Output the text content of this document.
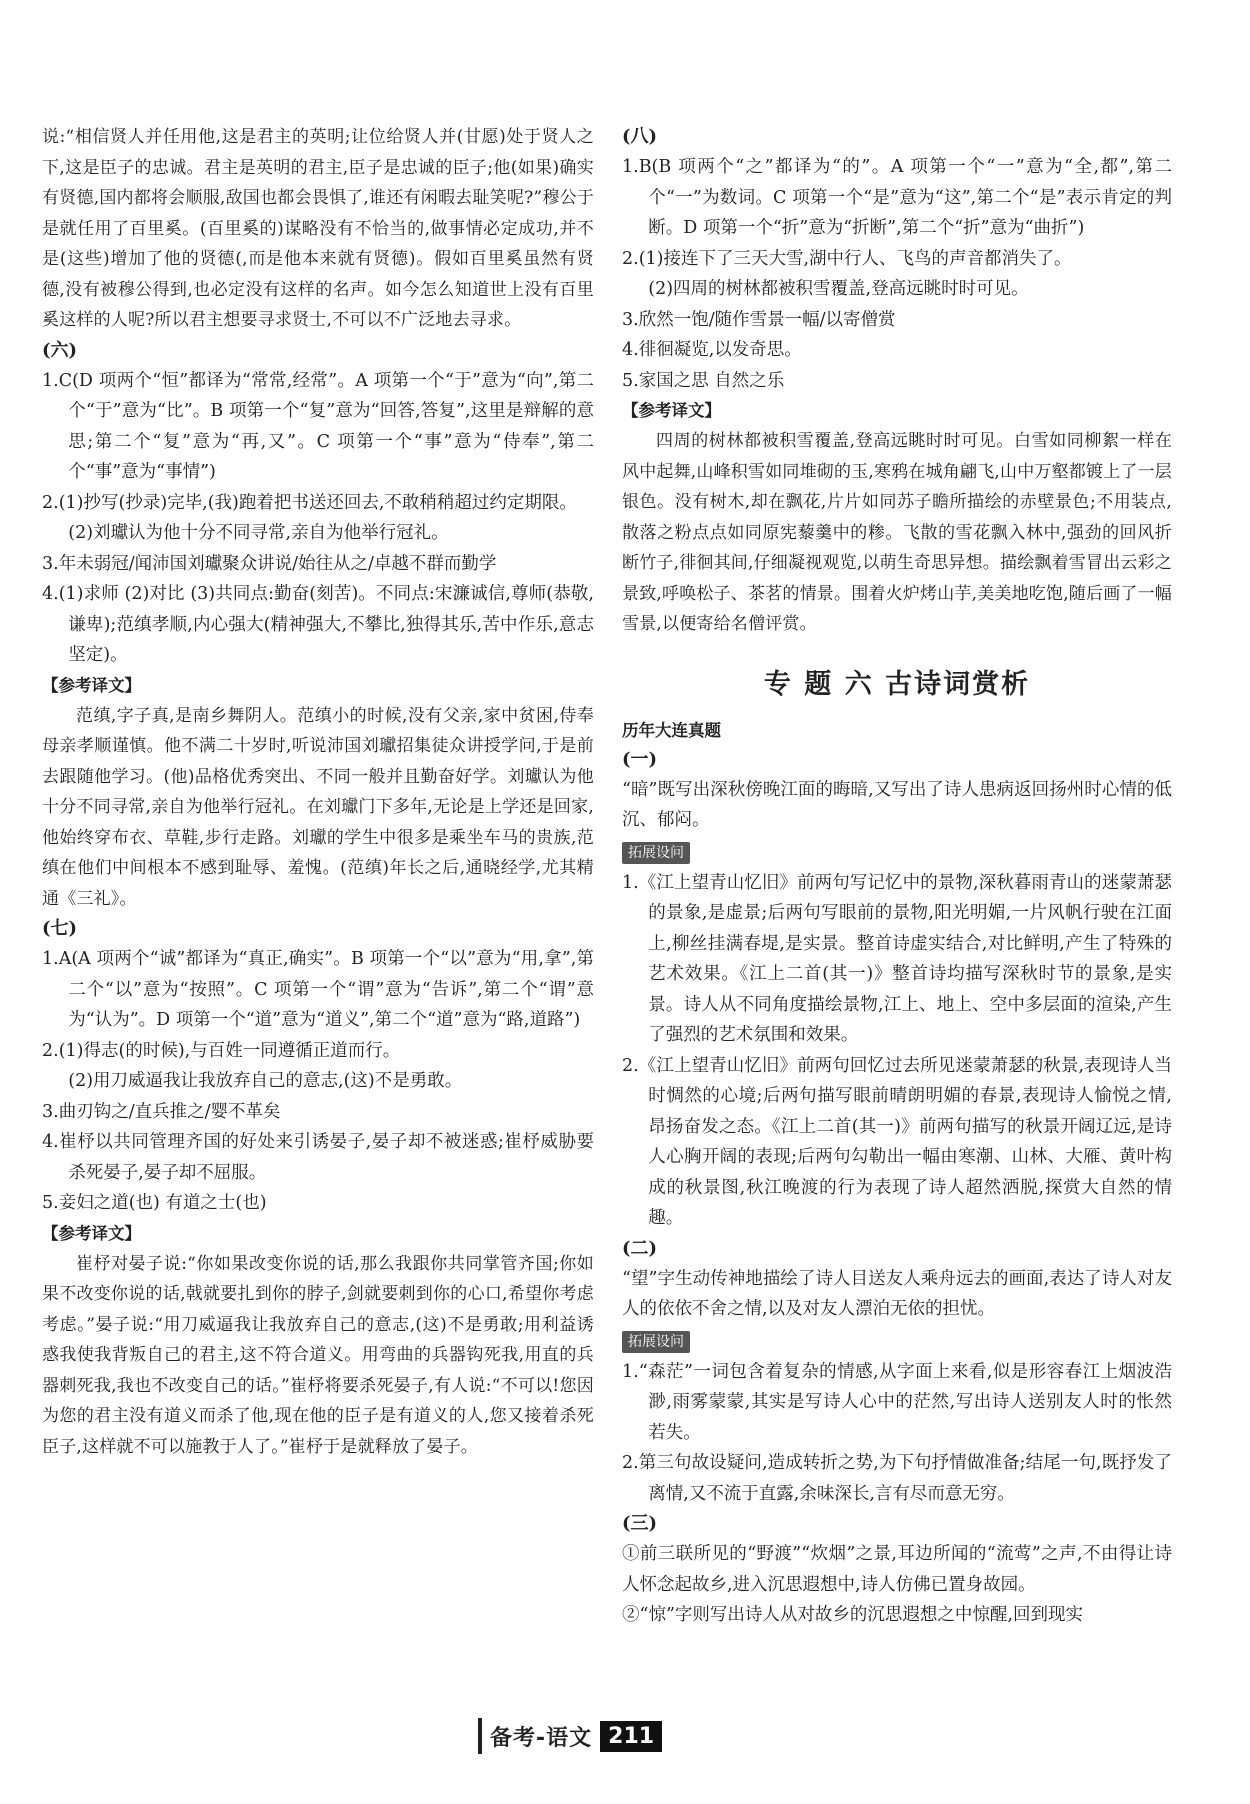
说:“相信贤人并任用他,这是君主的英明;让位给贤人并(甘愿)处于贤人之下,这是臣子的忠诚。君主是英明的君主,臣子是忠诚的臣子;他(如果)确实有贤德,国内都将会顺服,敌国也都会畏惧了,谁还有闲暇去耻笑呢?”穆公于是就任用了百里奚。(百里奚的)谋略没有不恰当的,做事情必定成功,并不是(这些)增加了他的贤德(,而是他本来就有贤德)。假如百里奚虽然有贤德,没有被穆公得到,也必定没有这样的名声。如今怎么知道世上没有百里奚这样的人呢?所以君主想要寻求贤士,不可以不广泛地去寻求。

(六)

1.C(D 项两个“恒”都译为“常常,经常”。A 项第一个“于”意为“向”,第二个“于”意为“比”。B 项第一个“复”意为“回答,答复”,这里是辩解的意思;第二个“复”意为“再,又”。C 项第一个“事”意为“侍奉”,第二个“事”意为“事情”)

2.(1)抄写(抄录)完毕,(我)跑着把书送还回去,不敢稍稍超过约定期限。

(2)刘瓛认为他十分不同寻常,亲自为他举行冠礼。

3.年未弱冠/闻沛国刘瓛聚众讲说/始往从之/卓越不群而勤学

4.(1)求师 (2)对比 (3)共同点:勤奋(刻苦)。不同点:宋濂诚信,尊师(恭敬,谦卑);范缜孝顺,内心强大(精神强大,不攀比,独得其乐,苦中作乐,意志坚定)。

【参考译文】

范缜,字子真,是南乡舞阴人。范缜小的时候,没有父亲,家中贫困,侍奉母亲孝顺谨慎。他不满二十岁时,听说沛国刘瓛招集徒众讲授学问,于是前去跟随他学习。(他)品格优秀突出、不同一般并且勤奋好学。刘瓛认为他十分不同寻常,亲自为他举行冠礼。在刘瓛门下多年,无论是上学还是回家,他始终穿布衣、草鞋,步行走路。刘瓛的学生中很多是乘坐车马的贵族,范缜在他们中间根本不感到耻辱、羞愧。(范缜)年长之后,通晓经学,尤其精通《三礼》。

(七)

1.A(A 项两个“诚”都译为“真正,确实”。B 项第一个“以”意为“用,拿”,第二个“以”意为“按照”。C 项第一个“谓”意为“告诉”,第二个“谓”意为“认为”。D 项第一个“道”意为“道义”,第二个“道”意为“路,道路”)

2.(1)得志(的时候),与百姓一同遵循正道而行。

(2)用刀威逼我让我放弃自己的意志,(这)不是勇敢。

3.曲刃钩之/直兵推之/婴不革矣

4.崔杼以共同管理齐国的好处来引诱晏子,晏子却不被迷惑;崔杼威胁要杀死晏子,晏子却不屈服。

5.妾妇之道(也) 有道之士(也)

【参考译文】

崔杼对晏子说:“你如果改变你说的话,那么我跟你共同掌管齐国;你如果不改变你说的话,戟就要扎到你的脖子,剑就要刺到你的心口,希望你考虑考虑。”晏子说:“用刀威逼我让我放弃自己的意志,(这)不是勇敢;用利益诱惑我使我背叛自己的君主,这不符合道义。用弯曲的兵器钩死我,用直的兵器刺死我,我也不改变自己的话。”崔杼将要杀死晏子,有人说:“不可以!您因为您的君主没有道义而杀了他,现在他的臣子是有道义的人,您又接着杀死臣子,这样就不可以施教于人了。”崔杼于是就释放了晏子。

(八)

1.B(B 项两个“之”都译为“的”。A 项第一个“一”意为“全,都”,第二个“一”为数词。C 项第一个“是”意为“这”,第二个“是”表示肯定的判断。D 项第一个“折”意为“折断”,第二个“折”意为“曲折”)

2.(1)接连下了三天大雪,湖中行人、飞鸟的声音都消失了。

(2)四周的树林都被积雪覆盖,登高远眺时时可见。

3.欣然一饱/随作雪景一幅/以寄僧赏

4.徘徊凝览,以发奇思。

5.家国之思 自然之乐

【参考译文】

四周的树林都被积雪覆盖,登高远眺时时可见。白雪如同柳絮一样在风中起舞,山峰积雪如同堆砌的玉,寒鸦在城角翩飞,山中万壑都镀上了一层银色。没有树木,却在飘花,片片如同苏子瞻所描绘的赤壁景色;不用装点,散落之粉点点如同原宪藜羹中的糁。飞散的雪花飘入林中,强劲的回风折断竹子,徘徊其间,仔细凝视观览,以萌生奇思异想。描绘飘着雪冒出云彩之景致,呼唤松子、茶茗的情景。围着火炉烤山芋,美美地吃饱,随后画了一幅雪景,以便寄给名僧评赏。

专 题 六 古诗词赏析
历年大连真题
(一)

“暗”既写出深秋傍晚江面的晦暗,又写出了诗人患病返回扬州时心情的低沉、郁闷。

拓展设问

1.《江上望青山忆旧》前两句写记忆中的景物,深秋暮雨青山的迷蒙萧瑟的景象,是虚景;后两句写眼前的景物,阳光明媚,一片风帆行驶在江面上,柳丝挂满春堤,是实景。整首诗虚实结合,对比鲜明,产生了特殊的艺术效果。《江上二首(其一)》整首诗均描写深秋时节的景象,是实景。诗人从不同角度描绘景物,江上、地上、空中多层面的渲染,产生了强烈的艺术氛围和效果。

2.《江上望青山忆旧》前两句回忆过去所见迷蒙萧瑟的秋景,表现诗人当时惆然的心境;后两句描写眼前晴朗明媚的春景,表现诗人愉悦之情,昂扬奋发之态。《江上二首(其一)》前两句描写的秋景开阔辽远,是诗人心胸开阔的表现;后两句勾勒出一幅由寒潮、山林、大雁、黄叶构成的秋景图,秋江晚渡的行为表现了诗人超然洒脱,探赏大自然的情趣。

(二)

“望”字生动传神地描绘了诗人目送友人乘舟远去的画面,表达了诗人对友人的依依不舍之情,以及对友人漂泊无依的担忧。

拓展设问

1.“森茫”一词包含着复杂的情感,从字面上来看,似是形容春江上烟波浩渺,雨雾蒙蒙,其实是写诗人心中的茫然,写出诗人送别友人时的怅然若失。

2.第三句故设疑问,造成转折之势,为下句抒情做准备;结尾一句,既抒发了离情,又不流于直露,余味深长,言有尽而意无穷。

(三)

①前三联所见的“野渡”“炊烟”之景,耳边所闻的“流莺”之声,不由得让诗人怀念起故乡,进入沉思遐想中,诗人仿佛已置身故园。

②“惊”字则写出诗人从对故乡的沉思遐想之中惊醒,回到现实

备考-语文 211
